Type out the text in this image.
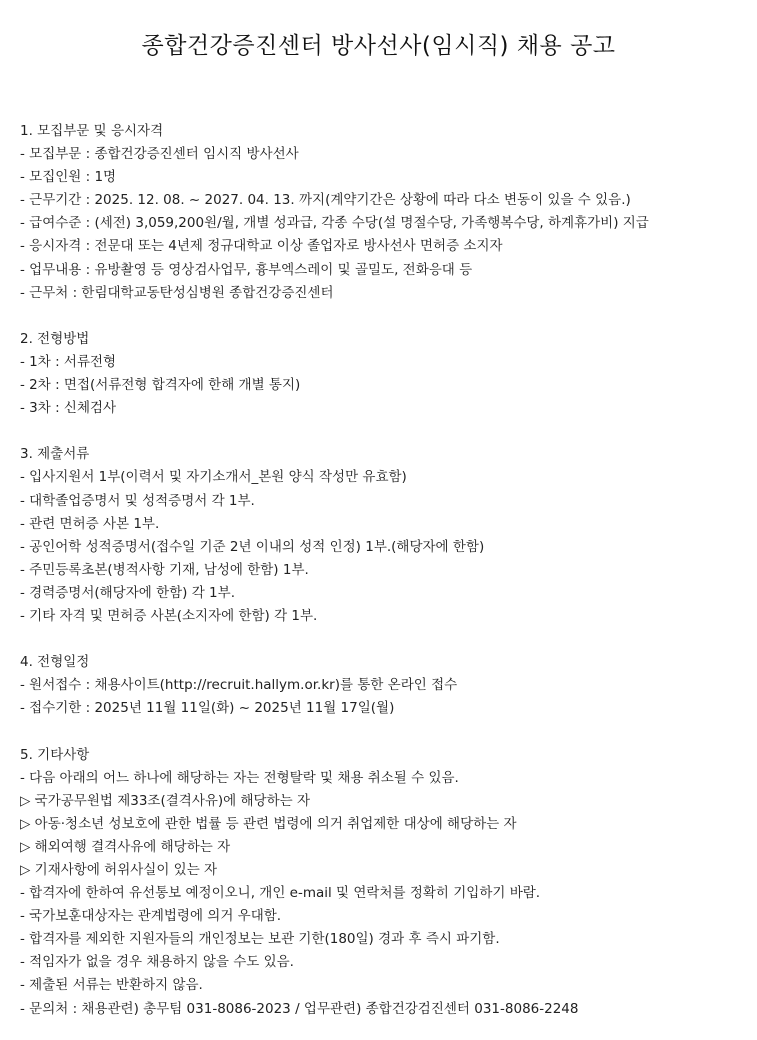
종합건강증진센터 방사선사(임시직) 채용 공고
1. 모집부문 및 응시자격
- 모집부문 : 종합건강증진센터 임시직 방사선사
- 모집인원 : 1명
- 근무기간 : 2025. 12. 08. ~ 2027. 04. 13. 까지(계약기간은 상황에 따라 다소 변동이 있을 수 있음.)
- 급여수준 : (세전) 3,059,200원/월, 개별 성과급, 각종 수당(설 명절수당, 가족행복수당, 하계휴가비) 지급
- 응시자격 : 전문대 또는 4년제 정규대학교 이상 졸업자로 방사선사 면허증 소지자
- 업무내용 : 유방촬영 등 영상검사업무, 흉부엑스레이 및 골밀도, 전화응대 등
- 근무처 : 한림대학교동탄성심병원 종합건강증진센터
2. 전형방법
- 1차 : 서류전형
- 2차 : 면접(서류전형 합격자에 한해 개별 통지)
- 3차 : 신체검사
3. 제출서류
- 입사지원서 1부(이력서 및 자기소개서_본원 양식 작성만 유효함)
- 대학졸업증명서 및 성적증명서 각 1부.
- 관련 면허증 사본 1부.
- 공인어학 성적증명서(접수일 기준 2년 이내의 성적 인정) 1부.(해당자에 한함)
- 주민등록초본(병적사항 기재, 남성에 한함) 1부.
- 경력증명서(해당자에 한함) 각 1부.
- 기타 자격 및 면허증 사본(소지자에 한함) 각 1부.
4. 전형일정
- 원서접수 : 채용사이트(http://recruit.hallym.or.kr)를 통한 온라인 접수
- 접수기한 : 2025년 11월 11일(화) ~ 2025년 11월 17일(월)
5. 기타사항
- 다음 아래의 어느 하나에 해당하는 자는 전형탈락 및 채용 취소될 수 있음.
▷ 국가공무원법 제33조(결격사유)에 해당하는 자
▷ 아동·청소년 성보호에 관한 법률 등 관련 법령에 의거 취업제한 대상에 해당하는 자
▷ 해외여행 결격사유에 해당하는 자
▷ 기재사항에 허위사실이 있는 자
- 합격자에 한하여 유선통보 예정이오니, 개인 e-mail 및 연락처를 정확히 기입하기 바람.
- 국가보훈대상자는 관계법령에 의거 우대함.
- 합격자를 제외한 지원자들의 개인정보는 보관 기한(180일) 경과 후 즉시 파기함.
- 적임자가 없을 경우 채용하지 않을 수도 있음.
- 제출된 서류는 반환하지 않음.
- 문의처 : 채용관련) 총무팀 031-8086-2023 / 업무관련) 종합건강검진센터 031-8086-2248
